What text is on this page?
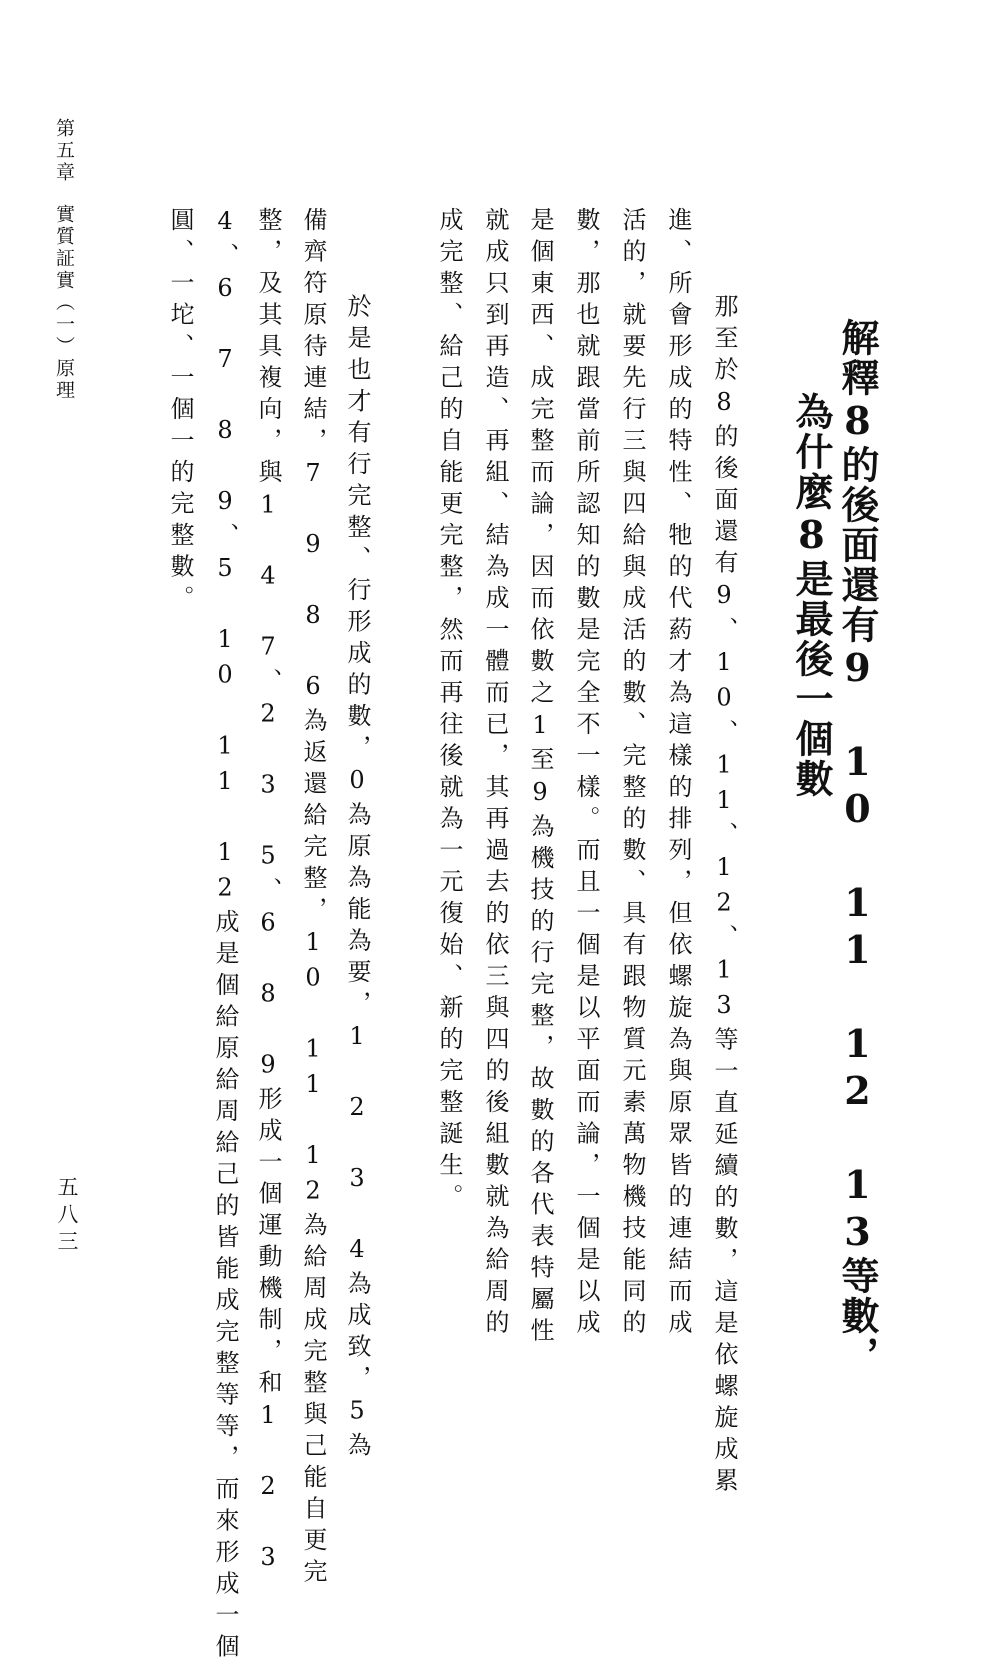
第五章實質証實（一）原理
五八三	解釋8的後面還有9 10 11 12 13等數，
為什麼8是最後一個數

　那至於8的後面還有9、10、11、12、13等一直延續的數，這是依螺旋成累

進、所會形成的特性、牠的代葯才為這樣的排列，但依螺旋為與原眾皆的連結而成

活的，就要先行三與四給與成活的數、完整的數、具有跟物質元素萬物機技能同的

數，那也就跟當前所認知的數是完全不一樣。而且一個是以平面而論，一個是以成

是個東西、成完整而論，因而依數之1至9為機技的行完整，故數的各代表特屬性

就成只到再造、再組、結為成一體而已，其再過去的依三與四的後組數就為給周的

成完整、給己的自能更完整，然而再往後就為一元復始、新的完整誕生。

　於是也才有行完整、行形成的數，0為原為能為要，1 2 3 4為成致，5為

備齊符原待連結，7 9 8 6為返還給完整，10 11 12為給周成完整與己能自更完

整，及其具複向，與1 4 7、2 3 5、6 8 9形成一個運動機制，和1 2 3

4、6 7 8 9、5 10 11 12成是個給原給周給己的皆能成完整等等，而來形成一個

圓、一坨、一個一的完整數。
